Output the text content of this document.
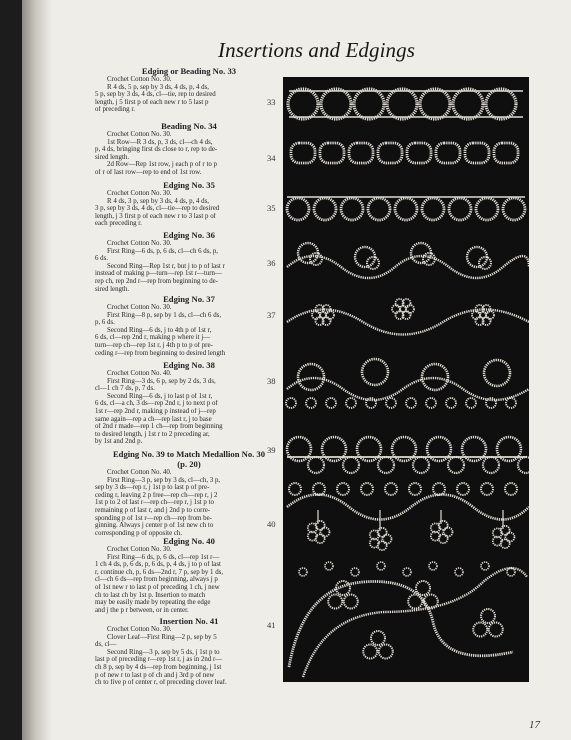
Insertions and Edgings
Edging or Beading No. 33
Crochet Cotton No. 30.
R 4 ds, 5 p, sep by 3 ds, 4 ds, p, 4 ds,
5 p, sep by 3 ds, 4 ds, cl—tie, rep to desired
length, j 5 first p of each new r to 5 last p
of preceding r.
Beading No. 34
Crochet Cotton No. 30.
1st Row—R 3 ds, p, 3 ds, cl—ch 4 ds,
p, 4 ds, bringing first ds close to r, rep to de-
sired length.
2d Row—Rep 1st row, j each p of r to p
of r of last row—rep to end of 1st row.
Edging No. 35
Crochet Cotton No. 30.
R 4 ds, 3 p, sep by 3 ds, 4 ds, p, 4 ds,
3 p, sep by 3 ds, 4 ds, cl—tie—rep to desired
length, j 3 first p of each new r to 3 last p of
each preceding r.
Edging No. 36
Crochet Cotton No. 30.
First Ring—6 ds, p, 6 ds, cl—ch 6 ds, p,
6 ds.
Second Ring—Rep 1st r, but j to p of last r
instead of making p—turn—rep 1st r—turn—
rep ch, rep 2nd r—rep from beginning to de-
sired length.
Edging No. 37
Crochet Cotton No. 30.
First Ring—8 p, sep by 1 ds, cl—ch 6 ds,
p, 6 ds.
Second Ring—6 ds, j to 4th p of 1st r,
6 ds, cl—rep 2nd r, making p where it j—
turn—rep ch—rep 1st r, j 4th p to p of pre-
ceding r—rep from beginning to desired length
Edging No. 38
Crochet Cotton No. 40.
First Ring—3 ds, 6 p, sep by 2 ds, 3 ds,
cl—1 ch 7 ds, p, 7 ds.
Second Ring—6 ds, j to last p of 1st r,
6 ds, cl—a ch, 3 ds—rep 2nd r, j to next p of
1st r—rep 2nd r, making p instead of j—rep
same again—rep a ch—rep last r, j to base
of 2nd r made—rep 1 ch—rep from beginning
to desired length, j 1st r to 2 preceding ar,
by 1st and 2nd p.
Edging No. 39 to Match Medallion No. 30
(p. 20)
Crochet Cotton No. 40.
First Ring—3 p, sep by 3 ds, cl—ch, 3 p,
sep by 3 ds—rep r, j 1st p to last p of pre-
ceding r, leaving 2 p free—rep ch—rep r, j 2
1st p to 2 of last r—rep ch—rep r, j 1st p to
remaining p of last r, and j 2nd p to corre-
sponding p of 1st r—rep ch—rep from be-
ginning. Always j center p of 1st new ch to
corresponding p of opposite ch.
Edging No. 40
Crochet Cotton No. 30.
First Ring—6 ds, p, 6 ds, cl—rep 1st r—
1 ch 4 ds, p, 6 ds, p, 6 ds, p, 4 ds, j to p of last
r, continue ch, p, 6 ds—2nd r, 7 p, sep by 1 ds,
cl—ch 6 ds—rep from beginning, always j p
of 1st new r to last p of preceding 1 ch, j new
ch to last ch by 1st p. Insertion to match
may be easily made by repeating the edge
and j the p r between, or in center.
Insertion No. 41
Crochet Cotton No. 30.
Clover Leaf—First Ring—2 p, sep by 5
ds, cl—
Second Ring—3 p, sep by 5 ds, j 1st p to
last p of preceding r—rep 1st r, j as in 2nd r—
ch 8 p, sep by 4 ds—rep from beginning, j 1st
p of new r to last p of ch and j 3rd p of new
ch to five p of center r, of preceding clover leaf.
33
34
35
36
37
38
39
40
41
17
